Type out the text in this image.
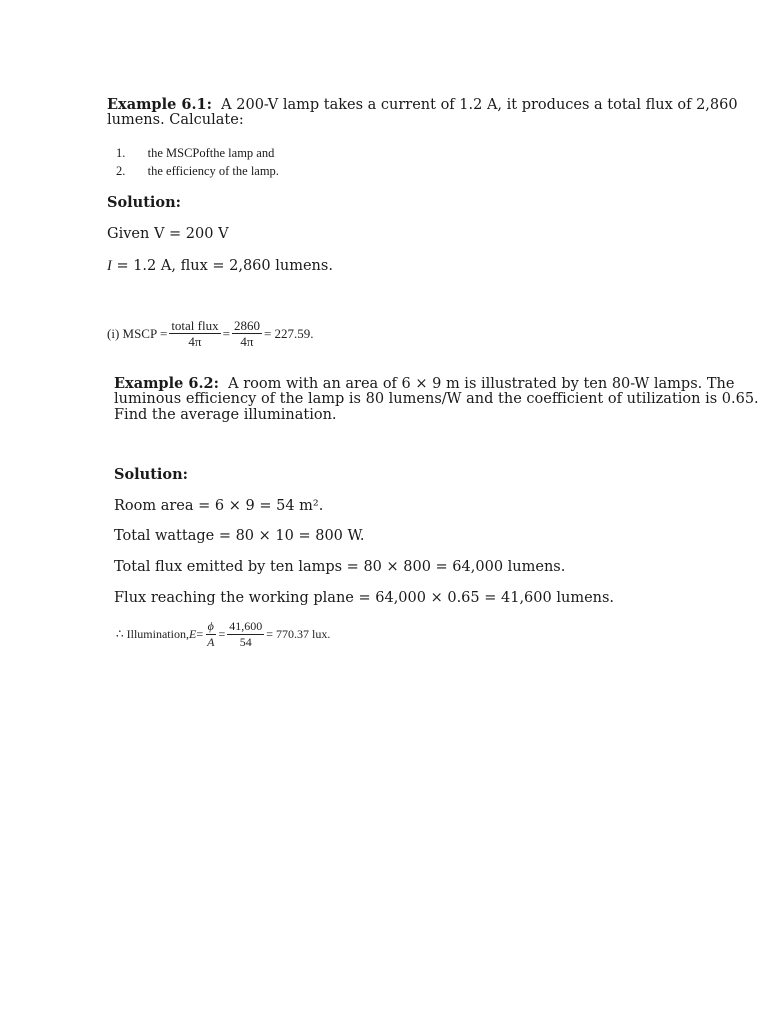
Example 6.1: A 200-V lamp takes a current of 1.2 A, it produces a total flux of 2,860
lumens. Calculate:
1. the MSCPofthe lamp and
2. the efficiency of the lamp.
Solution:
Given V = 200 V
I = 1.2 A, flux = 2,860 lumens.
(i) MSCP = $\frac{\text{total flux}}{4\pi} = \frac{2860}{4\pi} = 227.59$.
Example 6.2: A room with an area of 6 × 9 m is illustrated by ten 80-W lamps. The
luminous efficiency of the lamp is 80 lumens/W and the coefficient of utilization is 0.65.
Find the average illumination.
Solution:
Room area = 6 × 9 = 54 m².
Total wattage = 80 × 10 = 800 W.
Total flux emitted by ten lamps = 80 × 800 = 64,000 lumens.
Flux reaching the working plane = 64,000 × 0.65 = 41,600 lumens.
∴ Illumination, $E = \frac{\phi}{A} = \frac{41,600}{54} = 770.37$ lux.
